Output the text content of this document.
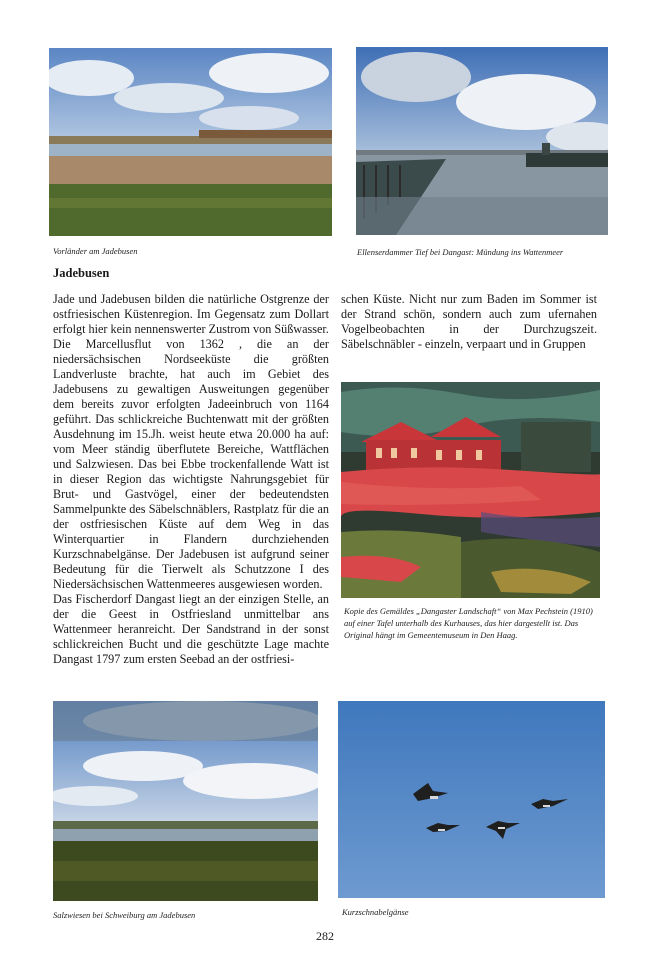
Vorländer am Jadebusen	Ellenserdammer Tief bei Dangast: Mündung ins Wattenmeer
Jadebusen

Jade und Jadebusen bilden die natürliche Ostgrenze der ostfriesischen Küstenregion. Im Gegensatz zum Dollart erfolgt hier kein nennenswerter Zustrom von Süßwasser.

Die Marcellusflut von 1362 , die an der niedersächsischen Nordseeküste die größten Landverluste brachte, hat auch im Gebiet des Jadebusens zu gewaltigen Ausweitungen gegenüber dem bereits zuvor erfolgten Jadeeinbruch von 1164 geführt. Das schlickreiche Buchtenwatt mit der größten Ausdehnung im 15.Jh. weist heute etwa 20.000 ha auf: vom Meer ständig überflutete Bereiche, Wattflächen und Salzwiesen. Das bei Ebbe trockenfallende Watt ist in dieser Region das wichtigste Nahrungsgebiet für Brut- und Gastvögel, einer der bedeutendsten Sammelpunkte des Säbelschnäblers, Rastplatz für die an der ostfriesischen Küste auf dem Weg in das Winterquartier in Flandern durchziehenden Kurzschnabelgänse. Der Jadebusen ist aufgrund seiner Bedeutung für die Tierwelt als Schutzzone I des Niedersächsischen Wattenmeeres ausgewiesen worden.

Das Fischerdorf Dangast liegt an der einzigen Stelle, an der die Geest in Ostfriesland unmittelbar ans Wattenmeer heranreicht. Der Sandstrand in der sonst schlickreichen Bucht und die geschützte Lage machte Dangast 1797 zum ersten Seebad an der ostfriesi-

schen Küste. Nicht nur zum Baden im Sommer ist der Strand schön, sondern auch zum ufernahen Vogelbeobachten in der Durchzugszeit. Säbelschnäbler - einzeln, verpaart und in Gruppen

Kopie des Gemäldes „Dangaster Landschaft“ von Max Pechstein (1910) auf einer Tafel unterhalb des Kurhauses, das hier dargestellt ist. Das Original hängt im Gemeentemuseum in Den Haag.
Salzwiesen bei Schweiburg am Jadebusen	Kurzschnabelgänse
282
